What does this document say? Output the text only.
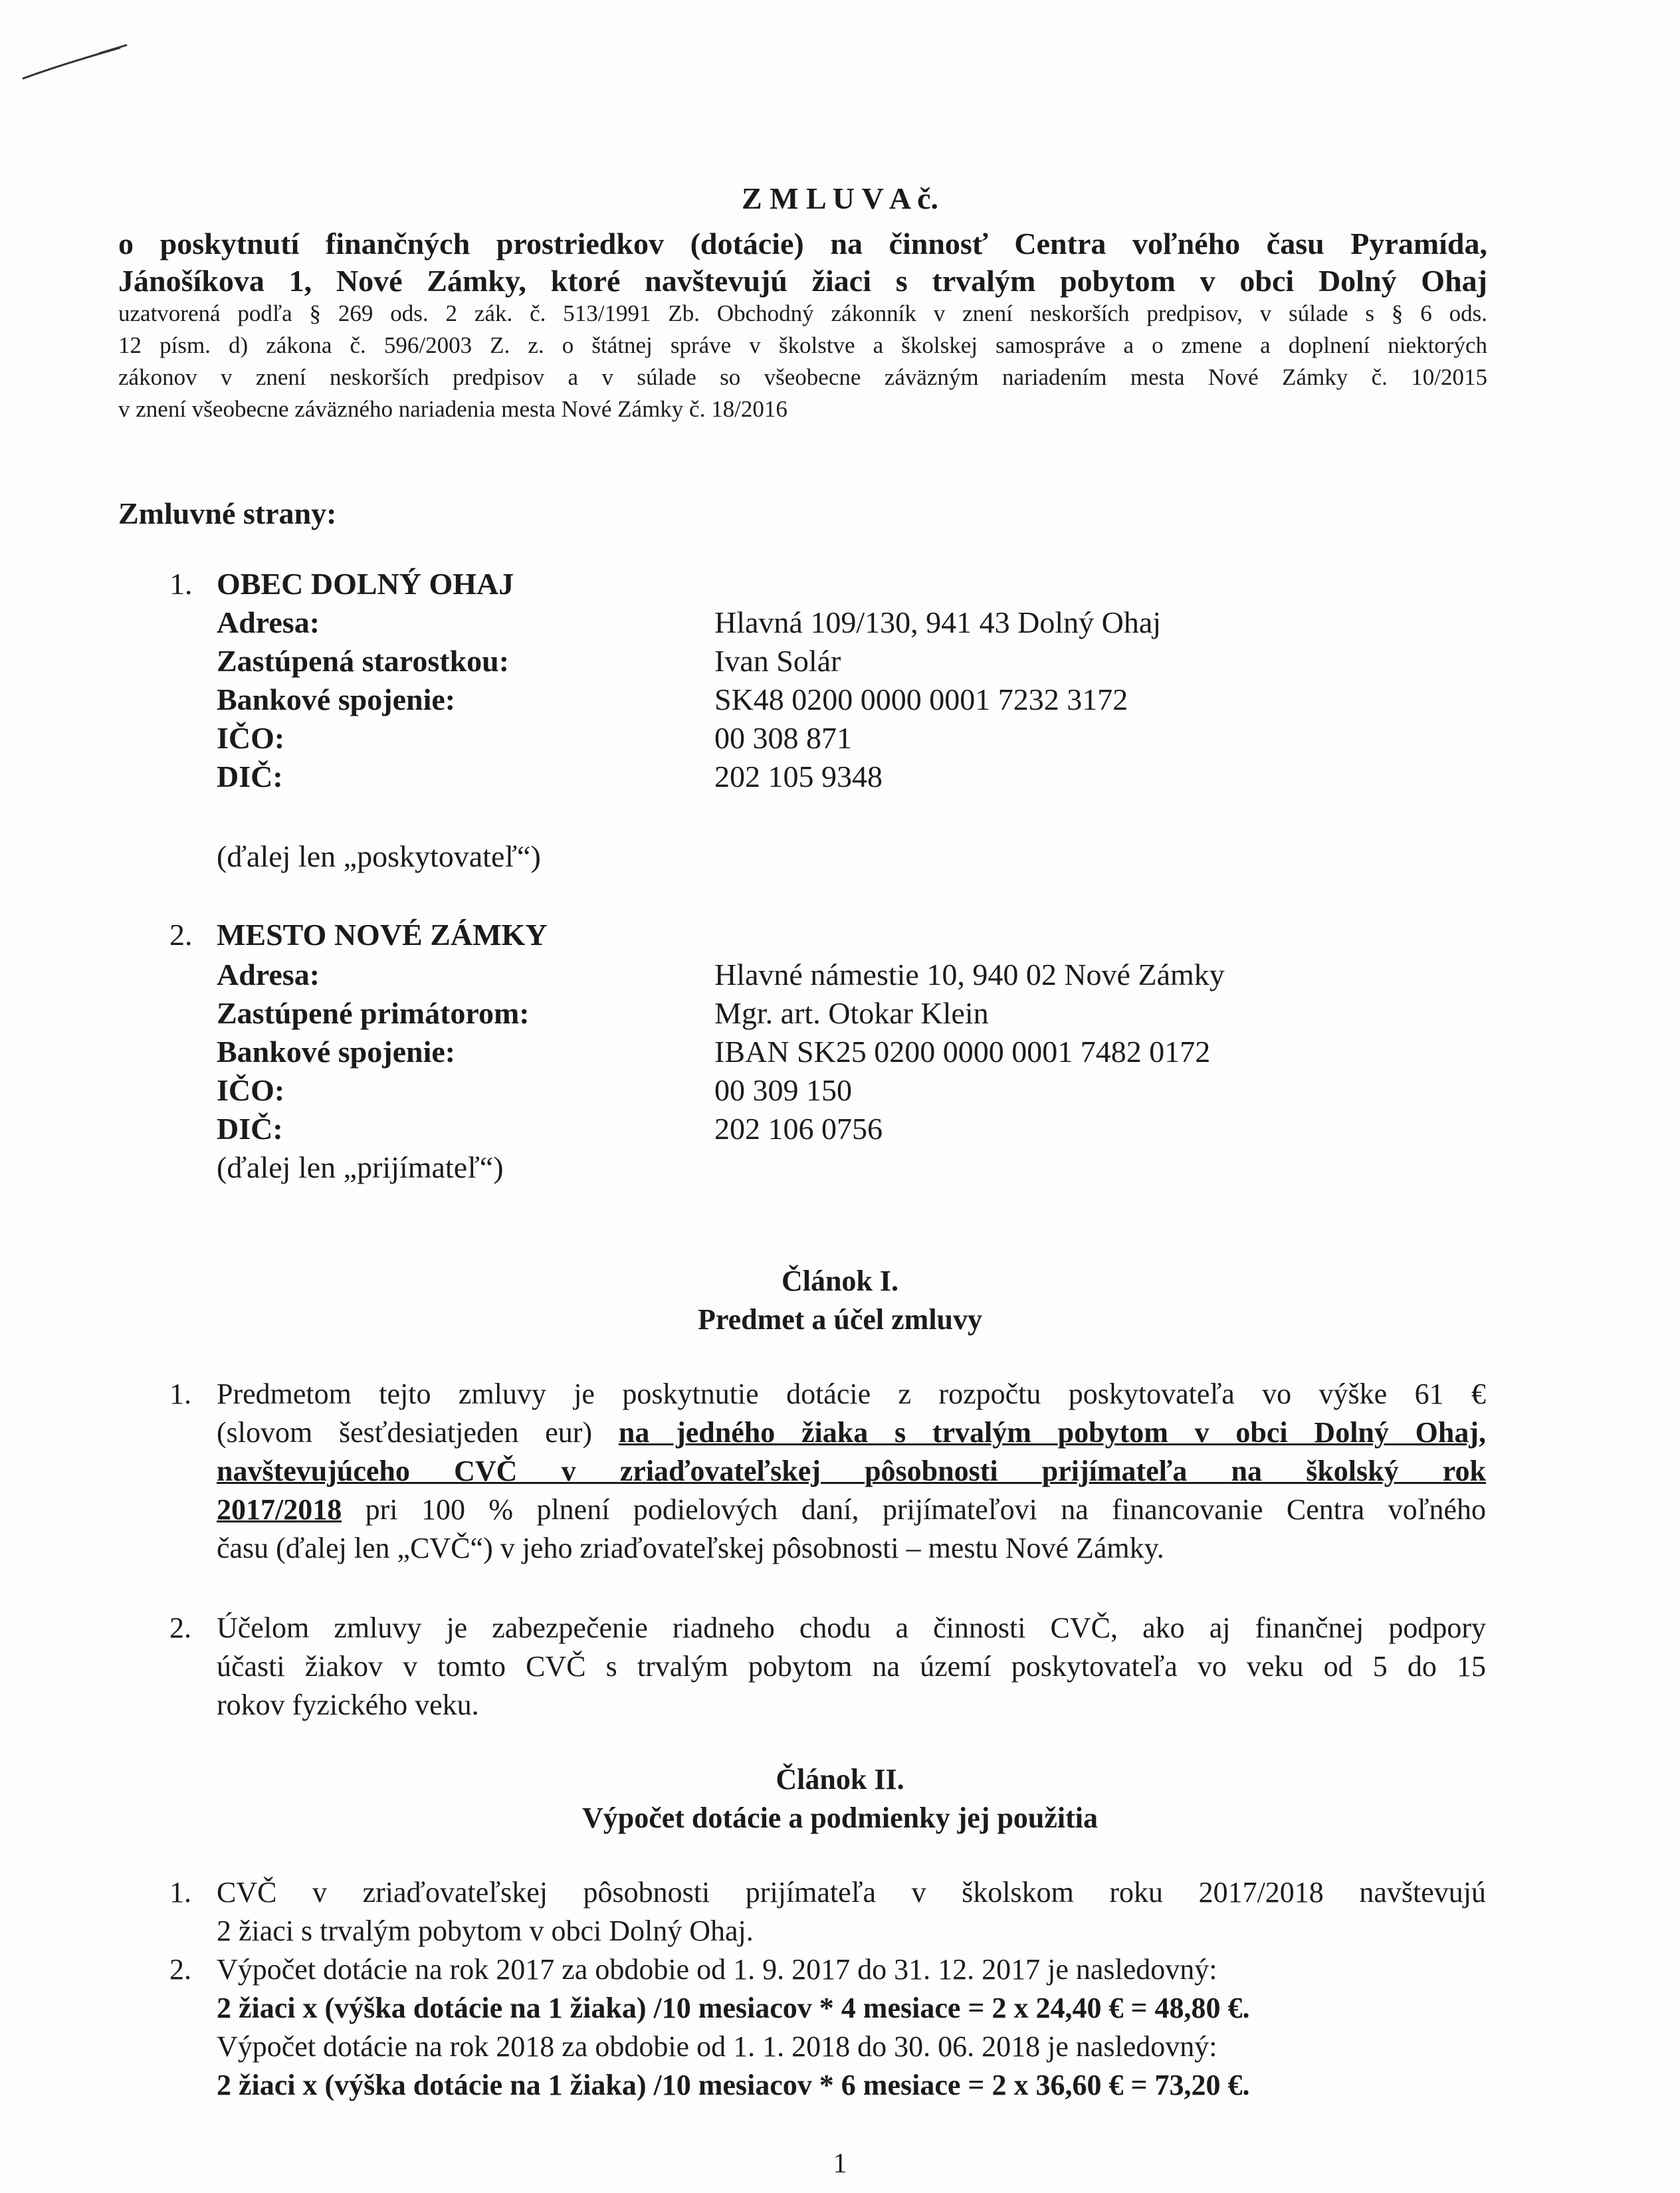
Z M L U V A č.
o poskytnutí finančných prostriedkov (dotácie) na činnosť Centra voľného času Pyramída,
Jánošíkova 1, Nové Zámky, ktoré navštevujú žiaci s trvalým pobytom v obci Dolný Ohaj
uzatvorená podľa § 269 ods. 2 zák. č. 513/1991 Zb. Obchodný zákonník v znení neskorších predpisov, v súlade s § 6 ods.
12 písm. d) zákona č. 596/2003 Z. z. o štátnej správe v školstve a školskej samospráve a o zmene a doplnení niektorých
zákonov v znení neskorších predpisov a v súlade so všeobecne záväzným nariadením mesta Nové Zámky č. 10/2015
v znení všeobecne záväzného nariadenia mesta Nové Zámky č. 18/2016
Zmluvné strany:
1. OBEC DOLNÝ OHAJ
Adresa:	Hlavná 109/130, 941 43 Dolný Ohaj
Zastúpená starostkou:	Ivan Solár
Bankové spojenie:	SK48 0200 0000 0001 7232 3172
IČO:	00 308 871
DIČ:	202 105 9348
(ďalej len „poskytovateľ“)
2. MESTO NOVÉ ZÁMKY
Adresa:	Hlavné námestie 10, 940 02 Nové Zámky
Zastúpené primátorom:	Mgr. art. Otokar Klein
Bankové spojenie:	IBAN SK25 0200 0000 0001 7482 0172
IČO:	00 309 150
DIČ:	202 106 0756
(ďalej len „prijímateľ“)
Článok I.
Predmet a účel zmluvy
1. Predmetom tejto zmluvy je poskytnutie dotácie z rozpočtu poskytovateľa vo výške 61 €
(slovom šesťdesiatjeden eur) na jedného žiaka s trvalým pobytom v obci Dolný Ohaj,
navštevujúceho CVČ v zriaďovateľskej pôsobnosti prijímateľa na školský rok
2017/2018 pri 100 % plnení podielových daní, prijímateľovi na financovanie Centra voľného
času (ďalej len „CVČ“) v jeho zriaďovateľskej pôsobnosti – mestu Nové Zámky.
2. Účelom zmluvy je zabezpečenie riadneho chodu a činnosti CVČ, ako aj finančnej podpory
účasti žiakov v tomto CVČ s trvalým pobytom na území poskytovateľa vo veku od 5 do 15
rokov fyzického veku.
Článok II.
Výpočet dotácie a podmienky jej použitia
1. CVČ v zriaďovateľskej pôsobnosti prijímateľa v školskom roku 2017/2018 navštevujú
2 žiaci s trvalým pobytom v obci Dolný Ohaj.
2. Výpočet dotácie na rok 2017 za obdobie od 1. 9. 2017 do 31. 12. 2017 je nasledovný:
2 žiaci x (výška dotácie na 1 žiaka) /10 mesiacov * 4 mesiace = 2 x 24,40 € = 48,80 €.
Výpočet dotácie na rok 2018 za obdobie od 1. 1. 2018 do 30. 06. 2018 je nasledovný:
2 žiaci x (výška dotácie na 1 žiaka) /10 mesiacov * 6 mesiace = 2 x 36,60 € = 73,20 €.
1
